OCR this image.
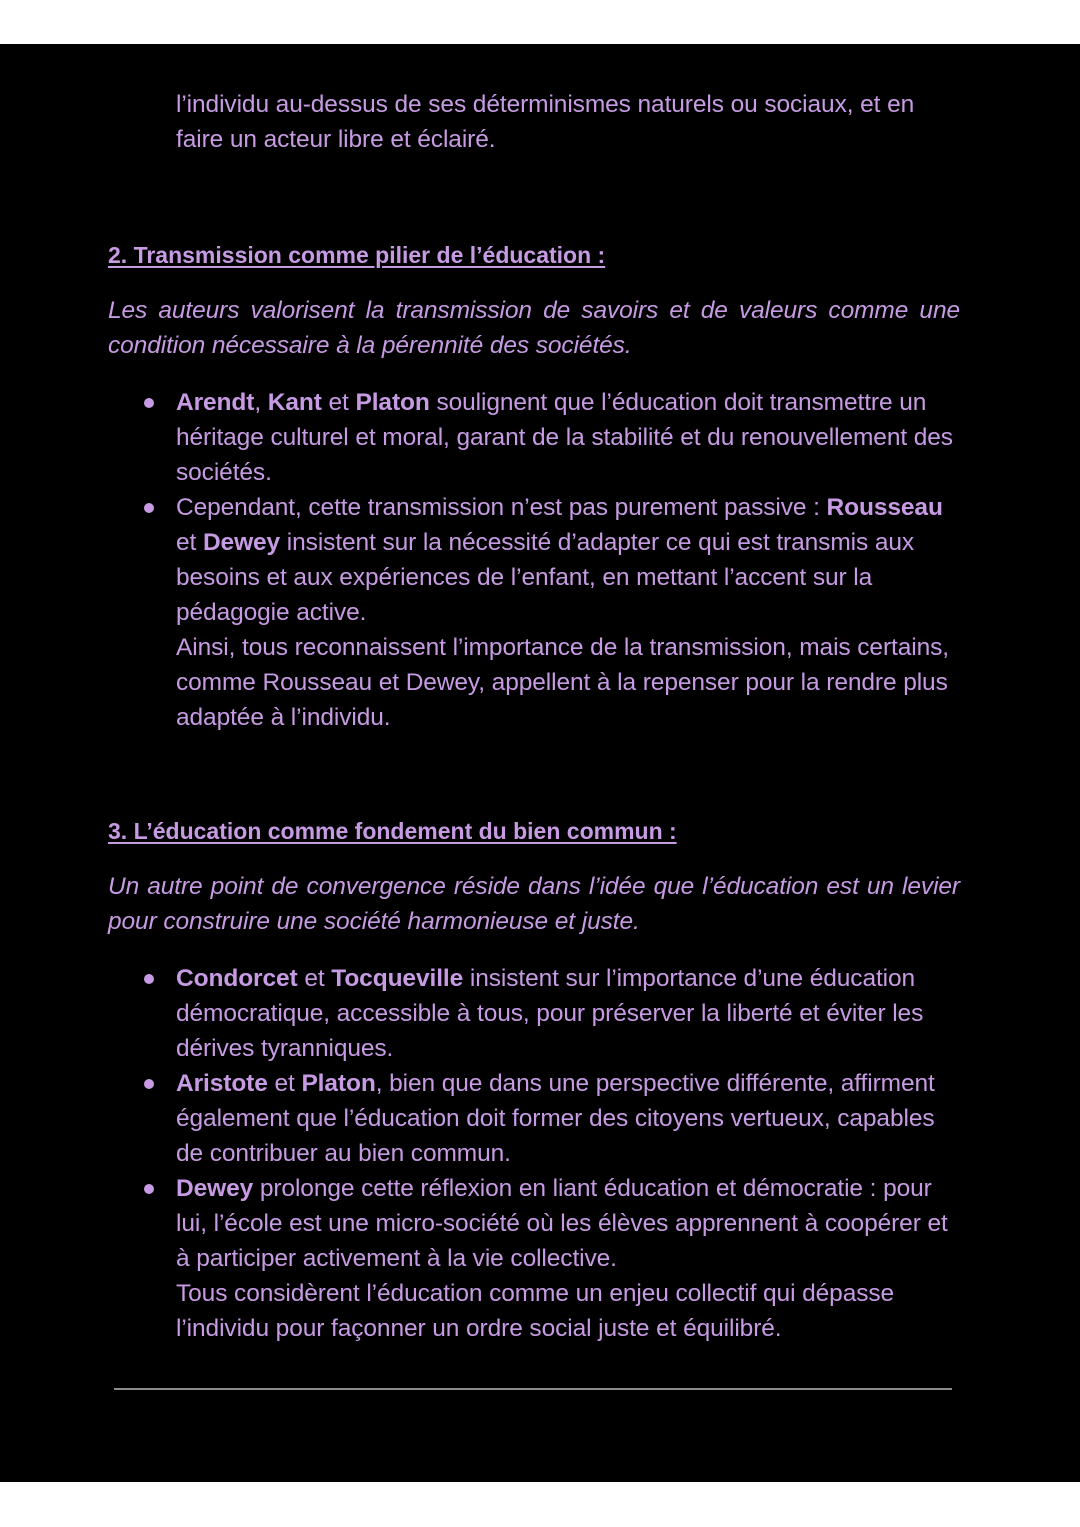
l’individu au-dessus de ses déterminismes naturels ou sociaux, et en faire un acteur libre et éclairé.

2. Transmission comme pilier de l’éducation :

Les auteurs valorisent la transmission de savoirs et de valeurs comme une condition nécessaire à la pérennité des sociétés.

Arendt, Kant et Platon soulignent que l’éducation doit transmettre un héritage culturel et moral, garant de la stabilité et du renouvellement des sociétés.
Cependant, cette transmission n’est pas purement passive : Rousseau et Dewey insistent sur la nécessité d’adapter ce qui est transmis aux besoins et aux expériences de l’enfant, en mettant l’accent sur la pédagogie active.
Ainsi, tous reconnaissent l’importance de la transmission, mais certains, comme Rousseau et Dewey, appellent à la repenser pour la rendre plus adaptée à l’individu.
3. L’éducation comme fondement du bien commun :

Un autre point de convergence réside dans l’idée que l’éducation est un levier pour construire une société harmonieuse et juste.

Condorcet et Tocqueville insistent sur l’importance d’une éducation démocratique, accessible à tous, pour préserver la liberté et éviter les dérives tyranniques.
Aristote et Platon, bien que dans une perspective différente, affirment également que l’éducation doit former des citoyens vertueux, capables de contribuer au bien commun.
Dewey prolonge cette réflexion en liant éducation et démocratie : pour lui, l’école est une micro-société où les élèves apprennent à coopérer et à participer activement à la vie collective.
Tous considèrent l’éducation comme un enjeu collectif qui dépasse l’individu pour façonner un ordre social juste et équilibré.
